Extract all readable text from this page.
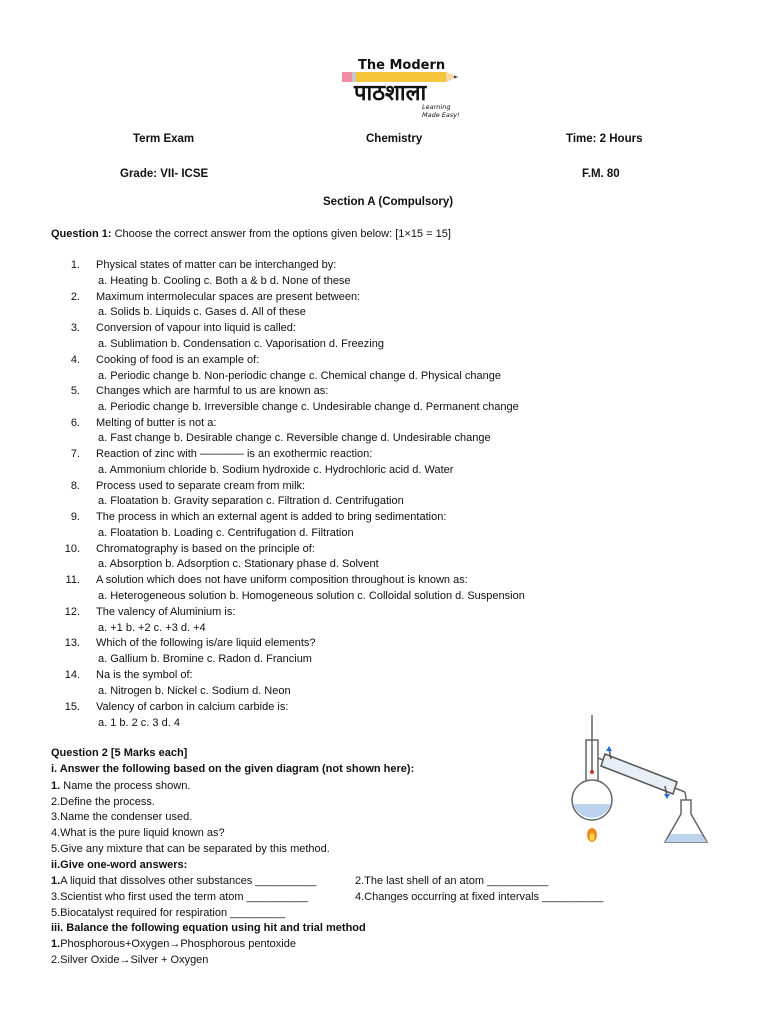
The Modern
पाठशाला
Learning Made Easy!
Term Exam	Chemistry	Time: 2 Hours
Grade: VII- ICSE	F.M. 80
Section A (Compulsory)
Question 1: Choose the correct answer from the options given below: [1×15 = 15]
1. Physical states of matter can be interchanged by:
a. Heating b. Cooling c. Both a & b d. None of these
2. Maximum intermolecular spaces are present between:
a. Solids b. Liquids c. Gases d. All of these
3. Conversion of vapour into liquid is called:
a. Sublimation b. Condensation c. Vaporisation d. Freezing
4. Cooking of food is an example of:
a. Periodic change b. Non-periodic change c. Chemical change d. Physical change
5. Changes which are harmful to us are known as:
a. Periodic change b. Irreversible change c. Undesirable change d. Permanent change
6. Melting of butter is not a:
a. Fast change b. Desirable change c. Reversible change d. Undesirable change
7. Reaction of zinc with ———— is an exothermic reaction:
a. Ammonium chloride b. Sodium hydroxide c. Hydrochloric acid d. Water
8. Process used to separate cream from milk:
a. Floatation b. Gravity separation c. Filtration d. Centrifugation
9. The process in which an external agent is added to bring sedimentation:
a. Floatation b. Loading c. Centrifugation d. Filtration
10. Chromatography is based on the principle of:
a. Absorption b. Adsorption c. Stationary phase d. Solvent
11. A solution which does not have uniform composition throughout is known as:
a. Heterogeneous solution b. Homogeneous solution c. Colloidal solution d. Suspension
12. The valency of Aluminium is:
a. +1 b. +2 c. +3 d. +4
13. Which of the following is/are liquid elements?
a. Gallium b. Bromine c. Radon d. Francium
14. Na is the symbol of:
a. Nitrogen b. Nickel c. Sodium d. Neon
15. Valency of carbon in calcium carbide is:
a. 1 b. 2 c. 3 d. 4
Question 2 [5 Marks each]
i. Answer the following based on the given diagram (not shown here):
1. Name the process shown.
2.Define the process.
3.Name the condenser used.
4.What is the pure liquid known as?
5.Give any mixture that can be separated by this method.
ii.Give one-word answers:
1.A liquid that dissolves other substances __________	2.The last shell of an atom __________
3.Scientist who first used the term atom __________	4.Changes occurring at fixed intervals __________
5.Biocatalyst required for respiration _________
iii. Balance the following equation using hit and trial method
1.Phosphorous+Oxygen→Phosphorous pentoxide
2.Silver Oxide→Silver + Oxygen
